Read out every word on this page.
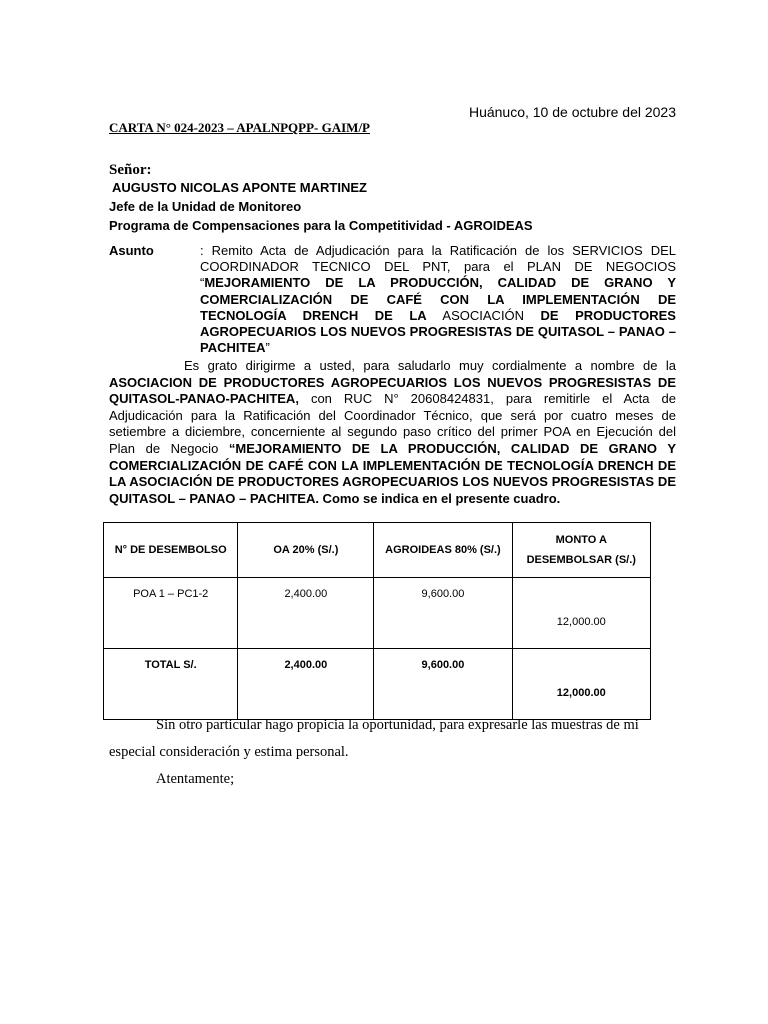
Huánuco, 10 de octubre del 2023
CARTA N° 024-2023 – APALNPQPP- GAIM/P
Señor:
AUGUSTO NICOLAS APONTE MARTINEZ
Jefe de la Unidad de Monitoreo
Programa de Compensaciones para la Competitividad - AGROIDEAS
Asunto	: Remito Acta de Adjudicación para la Ratificación de los SERVICIOS DEL COORDINADOR TECNICO DEL PNT, para el PLAN DE NEGOCIOS “MEJORAMIENTO DE LA PRODUCCIÓN, CALIDAD DE GRANO Y COMERCIALIZACIÓN DE CAFÉ CON LA IMPLEMENTACIÓN DE TECNOLOGÍA DRENCH DE LA ASOCIACIÓN DE PRODUCTORES AGROPECUARIOS LOS NUEVOS PROGRESISTAS DE QUITASOL – PANAO – PACHITEA”
Es grato dirigirme a usted, para saludarlo muy cordialmente a nombre de la ASOCIACION DE PRODUCTORES AGROPECUARIOS LOS NUEVOS PROGRESISTAS DE QUITASOL-PANAO-PACHITEA, con RUC N° 20608424831, para remitirle el Acta de Adjudicación para la Ratificación del Coordinador Técnico, que será por cuatro meses de setiembre a diciembre, concerniente al segundo paso crítico del primer POA en Ejecución del Plan de Negocio “MEJORAMIENTO DE LA PRODUCCIÓN, CALIDAD DE GRANO Y COMERCIALIZACIÓN DE CAFÉ CON LA IMPLEMENTACIÓN DE TECNOLOGÍA DRENCH DE LA ASOCIACIÓN DE PRODUCTORES AGROPECUARIOS LOS NUEVOS PROGRESISTAS DE QUITASOL – PANAO – PACHITEA. Como se indica en el presente cuadro.
N° DE DESEMBOLSO	OA 20% (S/.)	AGROIDEAS 80% (S/.)	MONTO A DESEMBOLSAR (S/.)
POA 1 – PC1-2	2,400.00	9,600.00	12,000.00
TOTAL S/.	2,400.00	9,600.00	12,000.00
Sin otro particular hago propicia la oportunidad, para expresarle las muestras de mi especial consideración y estima personal.
Atentamente;
